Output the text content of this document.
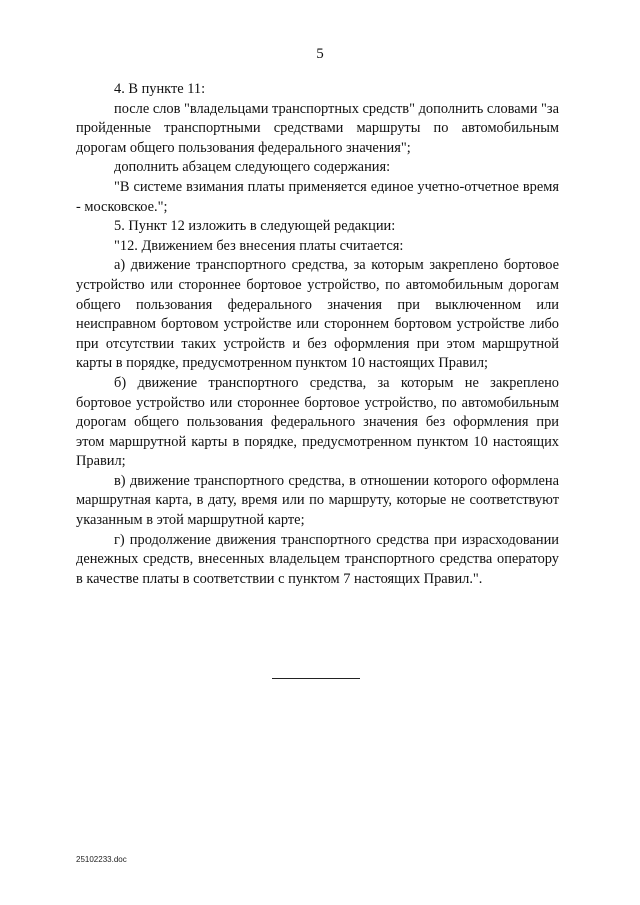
5

4. В пункте 11:

после слов "владельцами транспортных средств" дополнить словами "за пройденные транспортными средствами маршруты по автомобильным дорогам общего пользования федерального значения";

дополнить абзацем следующего содержания:

"В системе взимания платы применяется единое учетно-отчетное время - московское.";

5. Пункт 12 изложить в следующей редакции:

"12. Движением без внесения платы считается:

а) движение транспортного средства, за которым закреплено бортовое устройство или стороннее бортовое устройство, по автомобильным дорогам общего пользования федерального значения при выключенном или неисправном бортовом устройстве или стороннем бортовом устройстве либо при отсутствии таких устройств и без оформления при этом маршрутной карты в порядке, предусмотренном пунктом 10 настоящих Правил;

б) движение транспортного средства, за которым не закреплено бортовое устройство или стороннее бортовое устройство, по автомобильным дорогам общего пользования федерального значения без оформления при этом маршрутной карты в порядке, предусмотренном пунктом 10 настоящих Правил;

в) движение транспортного средства, в отношении которого оформлена маршрутная карта, в дату, время или по маршруту, которые не соответствуют указанным в этой маршрутной карте;

г) продолжение движения транспортного средства при израсходовании денежных средств, внесенных владельцем транспортного средства оператору в качестве платы в соответствии с пунктом 7 настоящих Правил.".

25102233.doc
